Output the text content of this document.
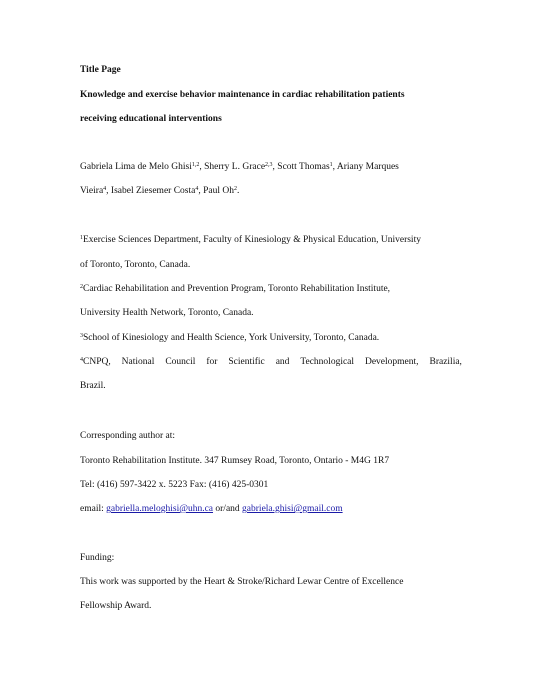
Title Page
Knowledge and exercise behavior maintenance in cardiac rehabilitation patients
receiving educational interventions
Gabriela Lima de Melo Ghisi$^{1,2}$, Sherry L. Grace$^{2,3}$, Scott Thomas$^1$, Ariany Marques
Vieira$^4$, Isabel Ziesemer Costa$^4$, Paul Oh$^2$.
$^1$Exercise Sciences Department, Faculty of Kinesiology & Physical Education, University
of Toronto, Toronto, Canada.
$^2$Cardiac Rehabilitation and Prevention Program, Toronto Rehabilitation Institute,
University Health Network, Toronto, Canada.
$^3$School of Kinesiology and Health Science, York University, Toronto, Canada.
$^4$CNPQ, National Council for Scientific and Technological Development, Brazilia,
Brazil.
Corresponding author at:
Toronto Rehabilitation Institute. 347 Rumsey Road, Toronto, Ontario - M4G 1R7
Tel: (416) 597-3422 x. 5223 Fax: (416) 425-0301
email: gabriella.meloghisi@uhn.ca or/and gabriela.ghisi@gmail.com
Funding:
This work was supported by the Heart & Stroke/Richard Lewar Centre of Excellence
Fellowship Award.
